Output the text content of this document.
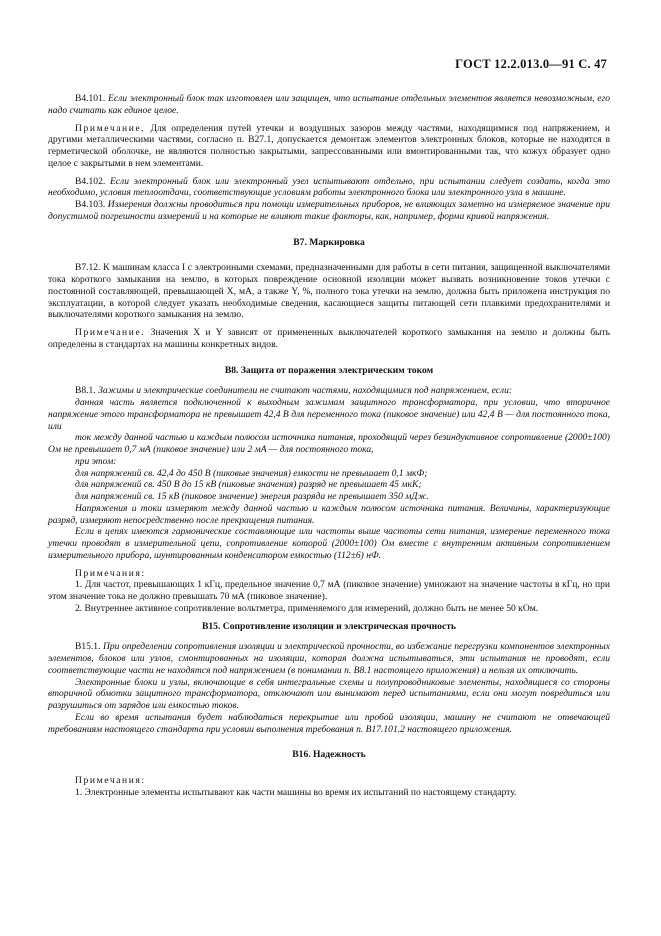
ГОСТ 12.2.013.0—91 С. 47

В4.101. Если электронный блок так изготовлен или защищен, что испытание отдельных элементов является невозможным, его надо считать как единое целое.

Примечание. Для определения путей утечки и воздушных зазоров между частями, находящимися под напряжением, и другими металлическими частями, согласно п. В27.1, допускается демонтаж элементов электронных блоков, которые не находятся в герметической оболочке, не являются полностью закрытыми, запрессованными или вмонтированными так, что кожух образует одно целое с закрытыми в нем элементами.

В4.102. Если электронный блок или электронный узел испытывают отдельно, при испытании следует создать, когда это необходимо, условия теплоотдачи, соответствующие условиям работы электронного блока или электронного узла в машине.

В4.103. Измерения должны проводиться при помощи измерительных приборов, не влияющих заметно на измеряемое значение при допустимой погрешности измерений и на которые не влияют такие факторы, как, например, форма кривой напряжения.

В7. Маркировка

В7.12. К машинам класса I с электронными схемами, предназначенными для работы в сети питания, защищенной выключателями тока короткого замыкания на землю, в которых повреждение основной изоляции может вызвать возникновение токов утечки с постоянной составляющей, превышающей X, мА, а также Y, %, полного тока утечки на землю, должна быть приложена инструкция по эксплуатации, в которой следует указать необходимые сведения, касающиеся защиты питающей сети плавкими предохранителями и выключателями короткого замыкания на землю.

Примечание. Значения X и Y зависят от примененных выключателей короткого замыкания на землю и должны быть определены в стандартах на машины конкретных видов.

В8. Защита от поражения электрическим током

В8.1. Зажимы и электрические соединители не считают частями, находящимися под напряжением, если:

данная часть является подключенной к выходным зажимам защитного трансформатора, при условии, что вторичное напряжение этого трансформатора не превышает 42,4 В для переменного тока (пиковое значение) или 42,4 В — для постоянного тока, или

ток между данной частью и каждым полюсом источника питания, проходящий через безиндуктивное сопротивление (2000±100) Ом не превышает 0,7 мА (пиковое значение) или 2 мА — для постоянного тока,

при этом:

для напряжений св. 42,4 до 450 В (пиковые значения) емкости не превышает 0,1 мкФ;

для напряжений св. 450 В до 15 кВ (пиковые значения) разряд не превышает 45 мкК;

для напряжений св. 15 кВ (пиковое значение) энергия разряда не превышает 350 мДж.

Напряжения и токи измеряют между данной частью и каждым полюсом источника питания. Величины, характеризующие разряд, измеряют непосредственно после прекращения питания.

Если в цепях имеются гармонические составляющие или частоты выше частоты сети питания, измерение переменного тока утечки проводят в измерительной цепи, сопротивление которой (2000±100) Ом вместе с внутренним активным сопротивлением измерительного прибора, шунтированным конденсатором емкостью (112±6) нФ.

Примечания:

1. Для частот, превышающих 1 кГц, предельное значение 0,7 мА (пиковое значение) умножают на значение частоты в кГц, но при этом значение тока не должно превышать 70 мА (пиковое значение).

2. Внутреннее активное сопротивление вольтметра, применяемого для измерений, должно быть не менее 50 кОм.

В15. Сопротивление изоляции и электрическая прочность

В15.1. При определении сопротивления изоляции и электрической прочности, во избежание перегрузки компонентов электронных элементов, блоков или узлов, смонтированных на изоляции, которая должна испытываться, эти испытания не проводят, если соответствующие части не находятся под напряжением (в понимании п. В8.1 настоящего приложения) и нельзя их отключить.

Электронные блоки и узлы, включающие в себя интегральные схемы и полупроводниковые элементы, находящиеся со стороны вторичной обмотки защитного трансформатора, отключают или вынимают перед испытаниями, если они могут повредиться или разрушиться от зарядов или емкостью токов.

Если во время испытания будет наблюдаться перекрытие или пробой изоляции, машину не считают не отвечающей требованиям настоящего стандарта при условии выполнения требования п. В17.101.2 настоящего приложения.

В16. Надежность

Примечания:

1. Электронные элементы испытывают как части машины во время их испытаний по настоящему стандарту.
